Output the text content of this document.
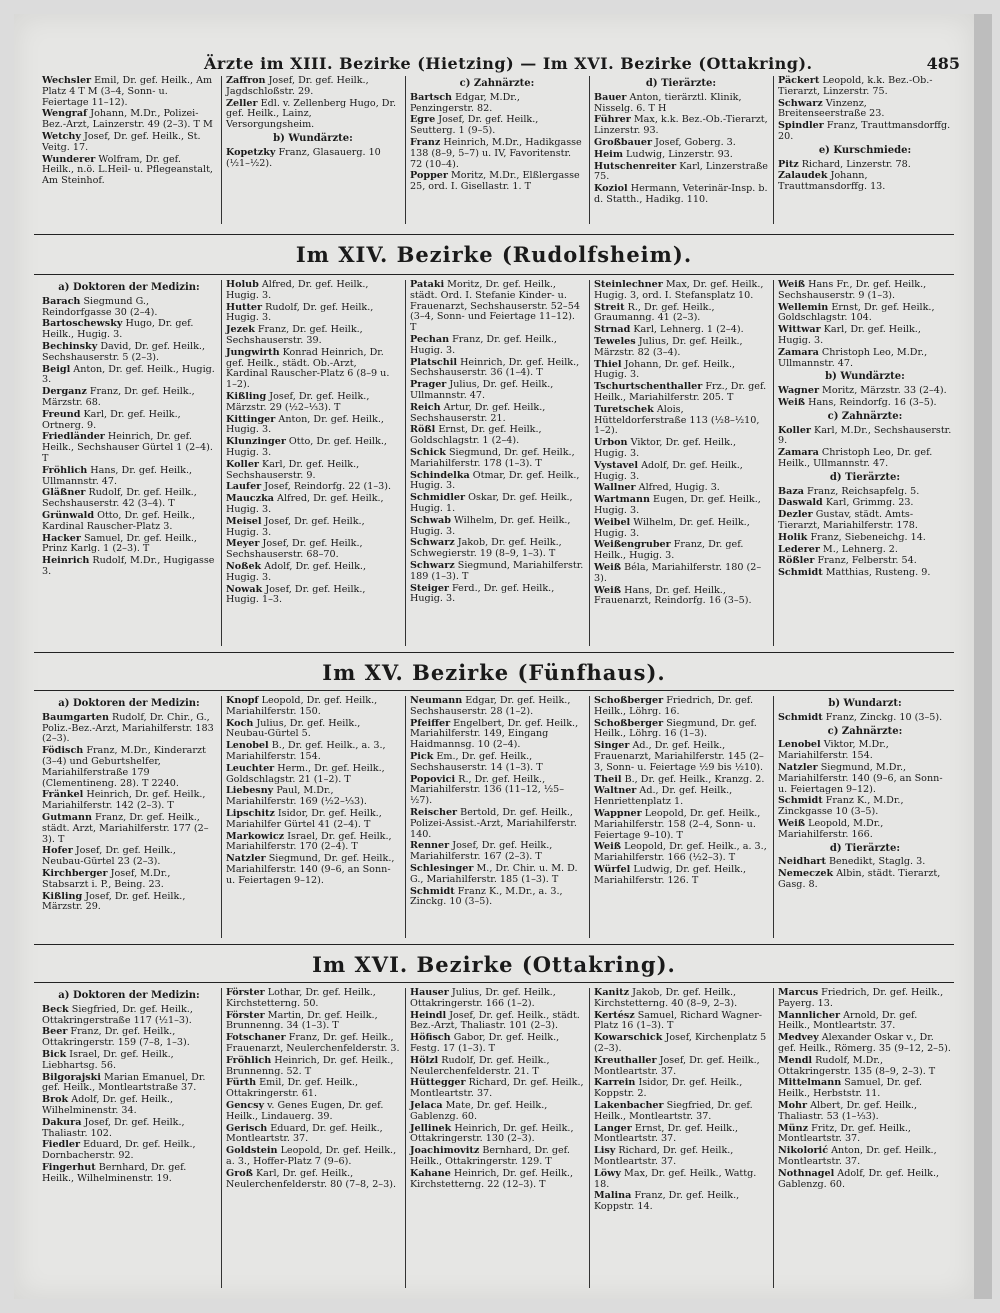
Ärzte im XIII. Bezirke (Hietzing) — Im XVI. Bezirke (Ottakring).	485
Wechsler Emil, Dr. gef. Heilk., Am Platz 4 T M (3–4, Sonn- u. Feiertage 11–12).
Wengraf Johann, M.Dr., Polizei-Bez.-Arzt, Lainzerstr. 49 (2–3). T M
Wetchy Josef, Dr. gef. Heilk., St. Veitg. 17.
Wunderer Wolfram, Dr. gef. Heilk., n.ö. L.Heil- u. Pflegeanstalt, Am Steinhof.
Zaffron Josef, Dr. gef. Heilk., Jagdschloßstr. 29.
Zeller Edl. v. Zellenberg Hugo, Dr. gef. Heilk., Lainz, Versorgungsheim.
b) Wundärzte:
Kopetzky Franz, Glasauerg. 10 (½1–½2).
c) Zahnärzte:
Bartsch Edgar, M.Dr., Penzingerstr. 82.
Egre Josef, Dr. gef. Heilk., Seutterg. 1 (9–5).
Franz Heinrich, M.Dr., Hadikgasse 138 (8–9, 5–7) u. IV, Favoritenstr. 72 (10–4).
Popper Moritz, M.Dr., Elßlergasse 25, ord. I. Gisellastr. 1. T
d) Tierärzte:
Bauer Anton, tierärztl. Klinik, Nisselg. 6. T H
Führer Max, k.k. Bez.-Ob.-Tierarzt, Linzerstr. 93.
Großbauer Josef, Goberg. 3.
Heim Ludwig, Linzerstr. 93.
Hutschenreiter Karl, Linzerstraße 75.
Koziol Hermann, Veterinär-Insp. b. d. Statth., Hadikg. 110.
Päckert Leopold, k.k. Bez.-Ob.-Tierarzt, Linzerstr. 75.
Schwarz Vinzenz, Breitenseerstraße 23.
Spindler Franz, Trauttmansdorffg. 20.
e) Kurschmiede:
Pitz Richard, Linzerstr. 78.
Zalaudek Johann, Trauttmansdorffg. 13.
Im XIV. Bezirke (Rudolfsheim).
a) Doktoren der Medizin:
Barach Siegmund G., Reindorfgasse 30 (2–4).
Bartoschewsky Hugo, Dr. gef. Heilk., Hugig. 3.
Bechinsky David, Dr. gef. Heilk., Sechshauserstr. 5 (2–3).
Beigl Anton, Dr. gef. Heilk., Hugig. 3.
Derganz Franz, Dr. gef. Heilk., Märzstr. 68.
Freund Karl, Dr. gef. Heilk., Ortnerg. 9.
Friedländer Heinrich, Dr. gef. Heilk., Sechshauser Gürtel 1 (2–4). T
Fröhlich Hans, Dr. gef. Heilk., Ullmannstr. 47.
Gläßner Rudolf, Dr. gef. Heilk., Sechshauserstr. 42 (3–4). T
Grünwald Otto, Dr. gef. Heilk., Kardinal Rauscher-Platz 3.
Hacker Samuel, Dr. gef. Heilk., Prinz Karlg. 1 (2–3). T
Heinrich Rudolf, M.Dr., Hugigasse 3.
Holub Alfred, Dr. gef. Heilk., Hugig. 3.
Hutter Rudolf, Dr. gef. Heilk., Hugig. 3.
Jezek Franz, Dr. gef. Heilk., Sechshauserstr. 39.
Jungwirth Konrad Heinrich, Dr. gef. Heilk., städt. Ob.-Arzt, Kardinal Rauscher-Platz 6 (8–9 u. 1–2).
Kißling Josef, Dr. gef. Heilk., Märzstr. 29 (½2–⅓3). T
Kittinger Anton, Dr. gef. Heilk., Hugig. 3.
Klunzinger Otto, Dr. gef. Heilk., Hugig. 3.
Koller Karl, Dr. gef. Heilk., Sechshauserstr. 9.
Laufer Josef, Reindorfg. 22 (1–3).
Mauczka Alfred, Dr. gef. Heilk., Hugig. 3.
Meisel Josef, Dr. gef. Heilk., Hugig. 3.
Meyer Josef, Dr. gef. Heilk., Sechshauserstr. 68–70.
Noßek Adolf, Dr. gef. Heilk., Hugig. 3.
Nowak Josef, Dr. gef. Heilk., Hugig. 1–3.
Pataki Moritz, Dr. gef. Heilk., städt. Ord. I. Stefanie Kinder- u. Frauenarzt, Sechshauserstr. 52–54 (3–4, Sonn- und Feiertage 11–12). T
Pechan Franz, Dr. gef. Heilk., Hugig. 3.
Platschil Heinrich, Dr. gef. Heilk., Sechshauserstr. 36 (1–4). T
Prager Julius, Dr. gef. Heilk., Ullmannstr. 47.
Reich Artur, Dr. gef. Heilk., Sechshauserstr. 21.
Rößl Ernst, Dr. gef. Heilk., Goldschlagstr. 1 (2–4).
Schick Siegmund, Dr. gef. Heilk., Mariahilferstr. 178 (1–3). T
Schindelka Otmar, Dr. gef. Heilk., Hugig. 3.
Schmidler Oskar, Dr. gef. Heilk., Hugig. 1.
Schwab Wilhelm, Dr. gef. Heilk., Hugig. 3.
Schwarz Jakob, Dr. gef. Heilk., Schwegierstr. 19 (8–9, 1–3). T
Schwarz Siegmund, Mariahilferstr. 189 (1–3). T
Steiger Ferd., Dr. gef. Heilk., Hugig. 3.
Steinlechner Max, Dr. gef. Heilk., Hugig. 3, ord. I. Stefansplatz 10.
Streit R., Dr. gef. Heilk., Graumanng. 41 (2–3).
Strnad Karl, Lehnerg. 1 (2–4).
Teweles Julius, Dr. gef. Heilk., Märzstr. 82 (3–4).
Thiel Johann, Dr. gef. Heilk., Hugig. 3.
Tschurtschenthaller Frz., Dr. gef. Heilk., Mariahilferstr. 205. T
Turetschek Alois, Hütteldorferstraße 113 (½8–½10, 1–2).
Urbon Viktor, Dr. gef. Heilk., Hugig. 3.
Vystavel Adolf, Dr. gef. Heilk., Hugig. 3.
Wallner Alfred, Hugig. 3.
Wartmann Eugen, Dr. gef. Heilk., Hugig. 3.
Weibel Wilhelm, Dr. gef. Heilk., Hugig. 3.
Weißengruber Franz, Dr. gef. Heilk., Hugig. 3.
Weiß Béla, Mariahilferstr. 180 (2–3).
Weiß Hans, Dr. gef. Heilk., Frauenarzt, Reindorfg. 16 (3–5).
Weiß Hans Fr., Dr. gef. Heilk., Sechshauserstr. 9 (1–3).
Wellemin Ernst, Dr. gef. Heilk., Goldschlagstr. 104.
Wittwar Karl, Dr. gef. Heilk., Hugig. 3.
Zamara Christoph Leo, M.Dr., Ullmannstr. 47.
b) Wundärzte:
Wagner Moritz, Märzstr. 33 (2–4).
Weiß Hans, Reindorfg. 16 (3–5).
c) Zahnärzte:
Koller Karl, M.Dr., Sechshauserstr. 9.
Zamara Christoph Leo, Dr. gef. Heilk., Ullmannstr. 47.
d) Tierärzte:
Baza Franz, Reichsapfelg. 5.
Daswald Karl, Grimmg. 23.
Dezler Gustav, städt. Amts-Tierarzt, Mariahilferstr. 178.
Holik Franz, Siebeneichg. 14.
Lederer M., Lehnerg. 2.
Rößler Franz, Felberstr. 54.
Schmidt Matthias, Rusteng. 9.
Im XV. Bezirke (Fünfhaus).
a) Doktoren der Medizin:
Baumgarten Rudolf, Dr. Chir., G., Poliz.-Bez.-Arzt, Mariahilferstr. 183 (2–3).
Födisch Franz, M.Dr., Kinderarzt (3–4) und Geburtshelfer, Mariahilferstraße 179 (Clementineng. 28). T 2240.
Fränkel Heinrich, Dr. gef. Heilk., Mariahilferstr. 142 (2–3). T
Gutmann Franz, Dr. gef. Heilk., städt. Arzt, Mariahilferstr. 177 (2–3). T
Hofer Josef, Dr. gef. Heilk., Neubau-Gürtel 23 (2–3).
Kirchberger Josef, M.Dr., Stabsarzt i. P., Being. 23.
Kißling Josef, Dr. gef. Heilk., Märzstr. 29.
Knopf Leopold, Dr. gef. Heilk., Mariahilferstr. 150.
Koch Julius, Dr. gef. Heilk., Neubau-Gürtel 5.
Lenobel B., Dr. gef. Heilk., a. 3., Mariahilferstr. 154.
Leuchter Herm., Dr. gef. Heilk., Goldschlagstr. 21 (1–2). T
Liebesny Paul, M.Dr., Mariahilferstr. 169 (½2–⅓3).
Lipschitz Isidor, Dr. gef. Heilk., Mariahilfer Gürtel 41 (2–4). T
Markowicz Israel, Dr. gef. Heilk., Mariahilferstr. 170 (2–4). T
Natzler Siegmund, Dr. gef. Heilk., Mariahilferstr. 140 (9–6, an Sonn- u. Feiertagen 9–12).
Neumann Edgar, Dr. gef. Heilk., Sechshauserstr. 28 (1–2).
Pfeiffer Engelbert, Dr. gef. Heilk., Mariahilferstr. 149, Eingang Haidmannsg. 10 (2–4).
Pick Em., Dr. gef. Heilk., Sechshauserstr. 14 (1–3). T
Popovici R., Dr. gef. Heilk., Mariahilferstr. 136 (11–12, ½5–½7).
Reischer Bertold, Dr. gef. Heilk., Polizei-Assist.-Arzt, Mariahilferstr. 140.
Renner Josef, Dr. gef. Heilk., Mariahilferstr. 167 (2–3). T
Schlesinger M., Dr. Chir. u. M. D. G., Mariahilferstr. 185 (1–3). T
Schmidt Franz K., M.Dr., a. 3., Zinckg. 10 (3–5).
Schoßberger Friedrich, Dr. gef. Heilk., Löhrg. 16.
Schoßberger Siegmund, Dr. gef. Heilk., Löhrg. 16 (1–3).
Singer Ad., Dr. gef. Heilk., Frauenarzt, Mariahilferstr. 145 (2–3, Sonn- u. Feiertage ½9 bis ½10).
Theil B., Dr. gef. Heilk., Kranzg. 2.
Waltner Ad., Dr. gef. Heilk., Henriettenplatz 1.
Wappner Leopold, Dr. gef. Heilk., Mariahilferstr. 158 (2–4, Sonn- u. Feiertage 9–10). T
Weiß Leopold, Dr. gef. Heilk., a. 3., Mariahilferstr. 166 (½2–3). T
Würfel Ludwig, Dr. gef. Heilk., Mariahilferstr. 126. T
b) Wundarzt:
Schmidt Franz, Zinckg. 10 (3–5).
c) Zahnärzte:
Lenobel Viktor, M.Dr., Mariahilferstr. 154.
Natzler Siegmund, M.Dr., Mariahilferstr. 140 (9–6, an Sonn- u. Feiertagen 9–12).
Schmidt Franz K., M.Dr., Zinckgasse 10 (3–5).
Weiß Leopold, M.Dr., Mariahilferstr. 166.
d) Tierärzte:
Neidhart Benedikt, Staglg. 3.
Nemeczek Albin, städt. Tierarzt, Gasg. 8.
Im XVI. Bezirke (Ottakring).
a) Doktoren der Medizin:
Beck Siegfried, Dr. gef. Heilk., Ottakringerstraße 117 (½1–3).
Beer Franz, Dr. gef. Heilk., Ottakringerstr. 159 (7–8, 1–3).
Bick Israel, Dr. gef. Heilk., Liebhartsg. 56.
Bilgorajski Marian Emanuel, Dr. gef. Heilk., Montleartstraße 37.
Brok Adolf, Dr. gef. Heilk., Wilhelminenstr. 34.
Dakura Josef, Dr. gef. Heilk., Thaliastr. 102.
Fiedler Eduard, Dr. gef. Heilk., Dornbacherstr. 92.
Fingerhut Bernhard, Dr. gef. Heilk., Wilhelminenstr. 19.
Förster Lothar, Dr. gef. Heilk., Kirchstetterng. 50.
Förster Martin, Dr. gef. Heilk., Brunnenng. 34 (1–3). T
Fotschaner Franz, Dr. gef. Heilk., Frauenarzt, Neulerchenfelderstr. 3.
Fröhlich Heinrich, Dr. gef. Heilk., Brunnenng. 52. T
Fürth Emil, Dr. gef. Heilk., Ottakringerstr. 61.
Gencsy v. Genes Eugen, Dr. gef. Heilk., Lindauerg. 39.
Gerisch Eduard, Dr. gef. Heilk., Montleartstr. 37.
Goldstein Leopold, Dr. gef. Heilk., a. 3., Hoffer-Platz 7 (9–6).
Groß Karl, Dr. gef. Heilk., Neulerchenfelderstr. 80 (7–8, 2–3).
Hauser Julius, Dr. gef. Heilk., Ottakringerstr. 166 (1–2).
Heindl Josef, Dr. gef. Heilk., städt. Bez.-Arzt, Thaliastr. 101 (2–3).
Höfisch Gabor, Dr. gef. Heilk., Festg. 17 (1–3). T
Hölzl Rudolf, Dr. gef. Heilk., Neulerchenfelderstr. 21. T
Hüttegger Richard, Dr. gef. Heilk., Montleartstr. 37.
Jelaca Mate, Dr. gef. Heilk., Gablenzg. 60.
Jellinek Heinrich, Dr. gef. Heilk., Ottakringerstr. 130 (2–3).
Joachimovitz Bernhard, Dr. gef. Heilk., Ottakringerstr. 129. T
Kahane Heinrich, Dr. gef. Heilk., Kirchstetterng. 22 (12–3). T
Kanitz Jakob, Dr. gef. Heilk., Kirchstetterng. 40 (8–9, 2–3).
Kertész Samuel, Richard Wagner-Platz 16 (1–3). T
Kowarschick Josef, Kirchenplatz 5 (2–3).
Kreuthaller Josef, Dr. gef. Heilk., Montleartstr. 37.
Karrein Isidor, Dr. gef. Heilk., Koppstr. 2.
Lakenbacher Siegfried, Dr. gef. Heilk., Montleartstr. 37.
Langer Ernst, Dr. gef. Heilk., Montleartstr. 37.
Lisy Richard, Dr. gef. Heilk., Montleartstr. 37.
Löwy Max, Dr. gef. Heilk., Wattg. 18.
Malina Franz, Dr. gef. Heilk., Koppstr. 14.
Marcus Friedrich, Dr. gef. Heilk., Payerg. 13.
Mannlicher Arnold, Dr. gef. Heilk., Montleartstr. 37.
Medvey Alexander Oskar v., Dr. gef. Heilk., Römerg. 35 (9–12, 2–5).
Mendl Rudolf, M.Dr., Ottakringerstr. 135 (8–9, 2–3). T
Mittelmann Samuel, Dr. gef. Heilk., Herbststr. 11.
Mohr Albert, Dr. gef. Heilk., Thaliastr. 53 (1–⅓3).
Münz Fritz, Dr. gef. Heilk., Montleartstr. 37.
Nikolorić Anton, Dr. gef. Heilk., Montleartstr. 37.
Nothnagel Adolf, Dr. gef. Heilk., Gablenzg. 60.
